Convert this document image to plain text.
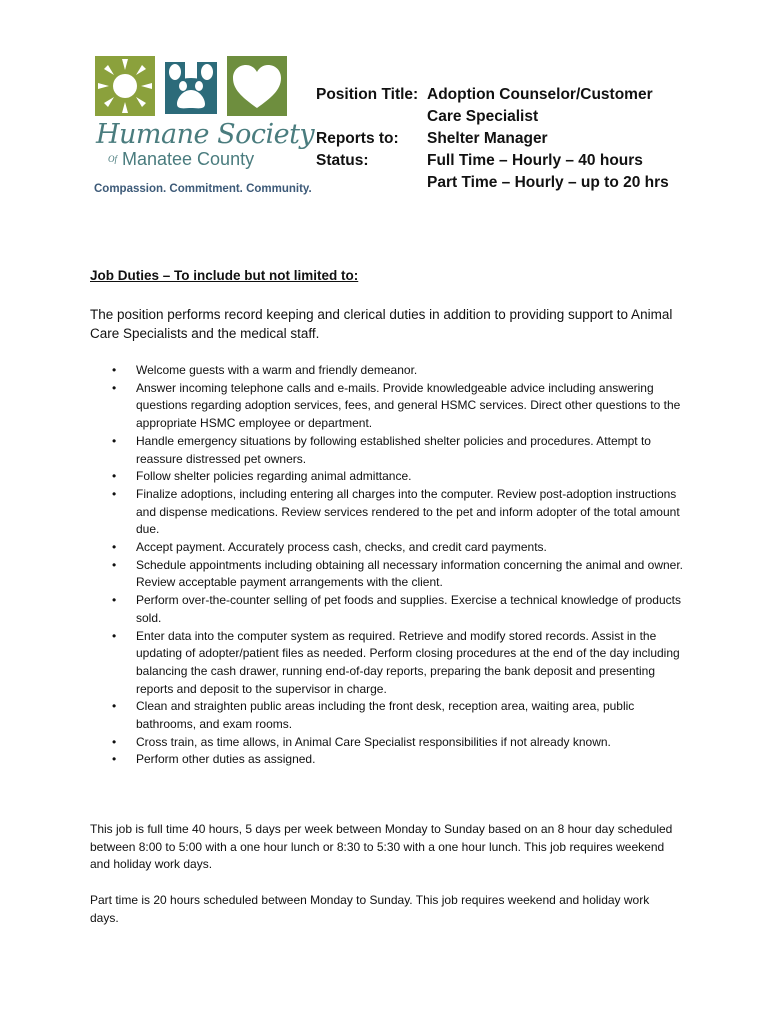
Humane Society
Of Manatee County
Compassion. Commitment. Community.
Position Title: Adoption Counselor/Customer
Care Specialist
Reports to:	Shelter Manager
Status:	Full Time – Hourly – 40 hours
Part Time – Hourly – up to 20 hrs
Job Duties – To include but not limited to:
The position performs record keeping and clerical duties in addition to providing support to Animal Care Specialists and the medical staff.
• Welcome guests with a warm and friendly demeanor.
• Answer incoming telephone calls and e-mails. Provide knowledgeable advice including answering questions regarding adoption services, fees, and general HSMC services. Direct other questions to the appropriate HSMC employee or department.
• Handle emergency situations by following established shelter policies and procedures. Attempt to reassure distressed pet owners.
• Follow shelter policies regarding animal admittance.
• Finalize adoptions, including entering all charges into the computer. Review post-adoption instructions and dispense medications. Review services rendered to the pet and inform adopter of the total amount due.
• Accept payment. Accurately process cash, checks, and credit card payments.
• Schedule appointments including obtaining all necessary information concerning the animal and owner. Review acceptable payment arrangements with the client.
• Perform over-the-counter selling of pet foods and supplies. Exercise a technical knowledge of products sold.
• Enter data into the computer system as required. Retrieve and modify stored records. Assist in the updating of adopter/patient files as needed. Perform closing procedures at the end of the day including balancing the cash drawer, running end-of-day reports, preparing the bank deposit and presenting reports and deposit to the supervisor in charge.
• Clean and straighten public areas including the front desk, reception area, waiting area, public bathrooms, and exam rooms.
• Cross train, as time allows, in Animal Care Specialist responsibilities if not already known.
• Perform other duties as assigned.
This job is full time 40 hours, 5 days per week between Monday to Sunday based on an 8 hour day scheduled between 8:00 to 5:00 with a one hour lunch or 8:30 to 5:30 with a one hour lunch. This job requires weekend and holiday work days.
Part time is 20 hours scheduled between Monday to Sunday. This job requires weekend and holiday work days.
